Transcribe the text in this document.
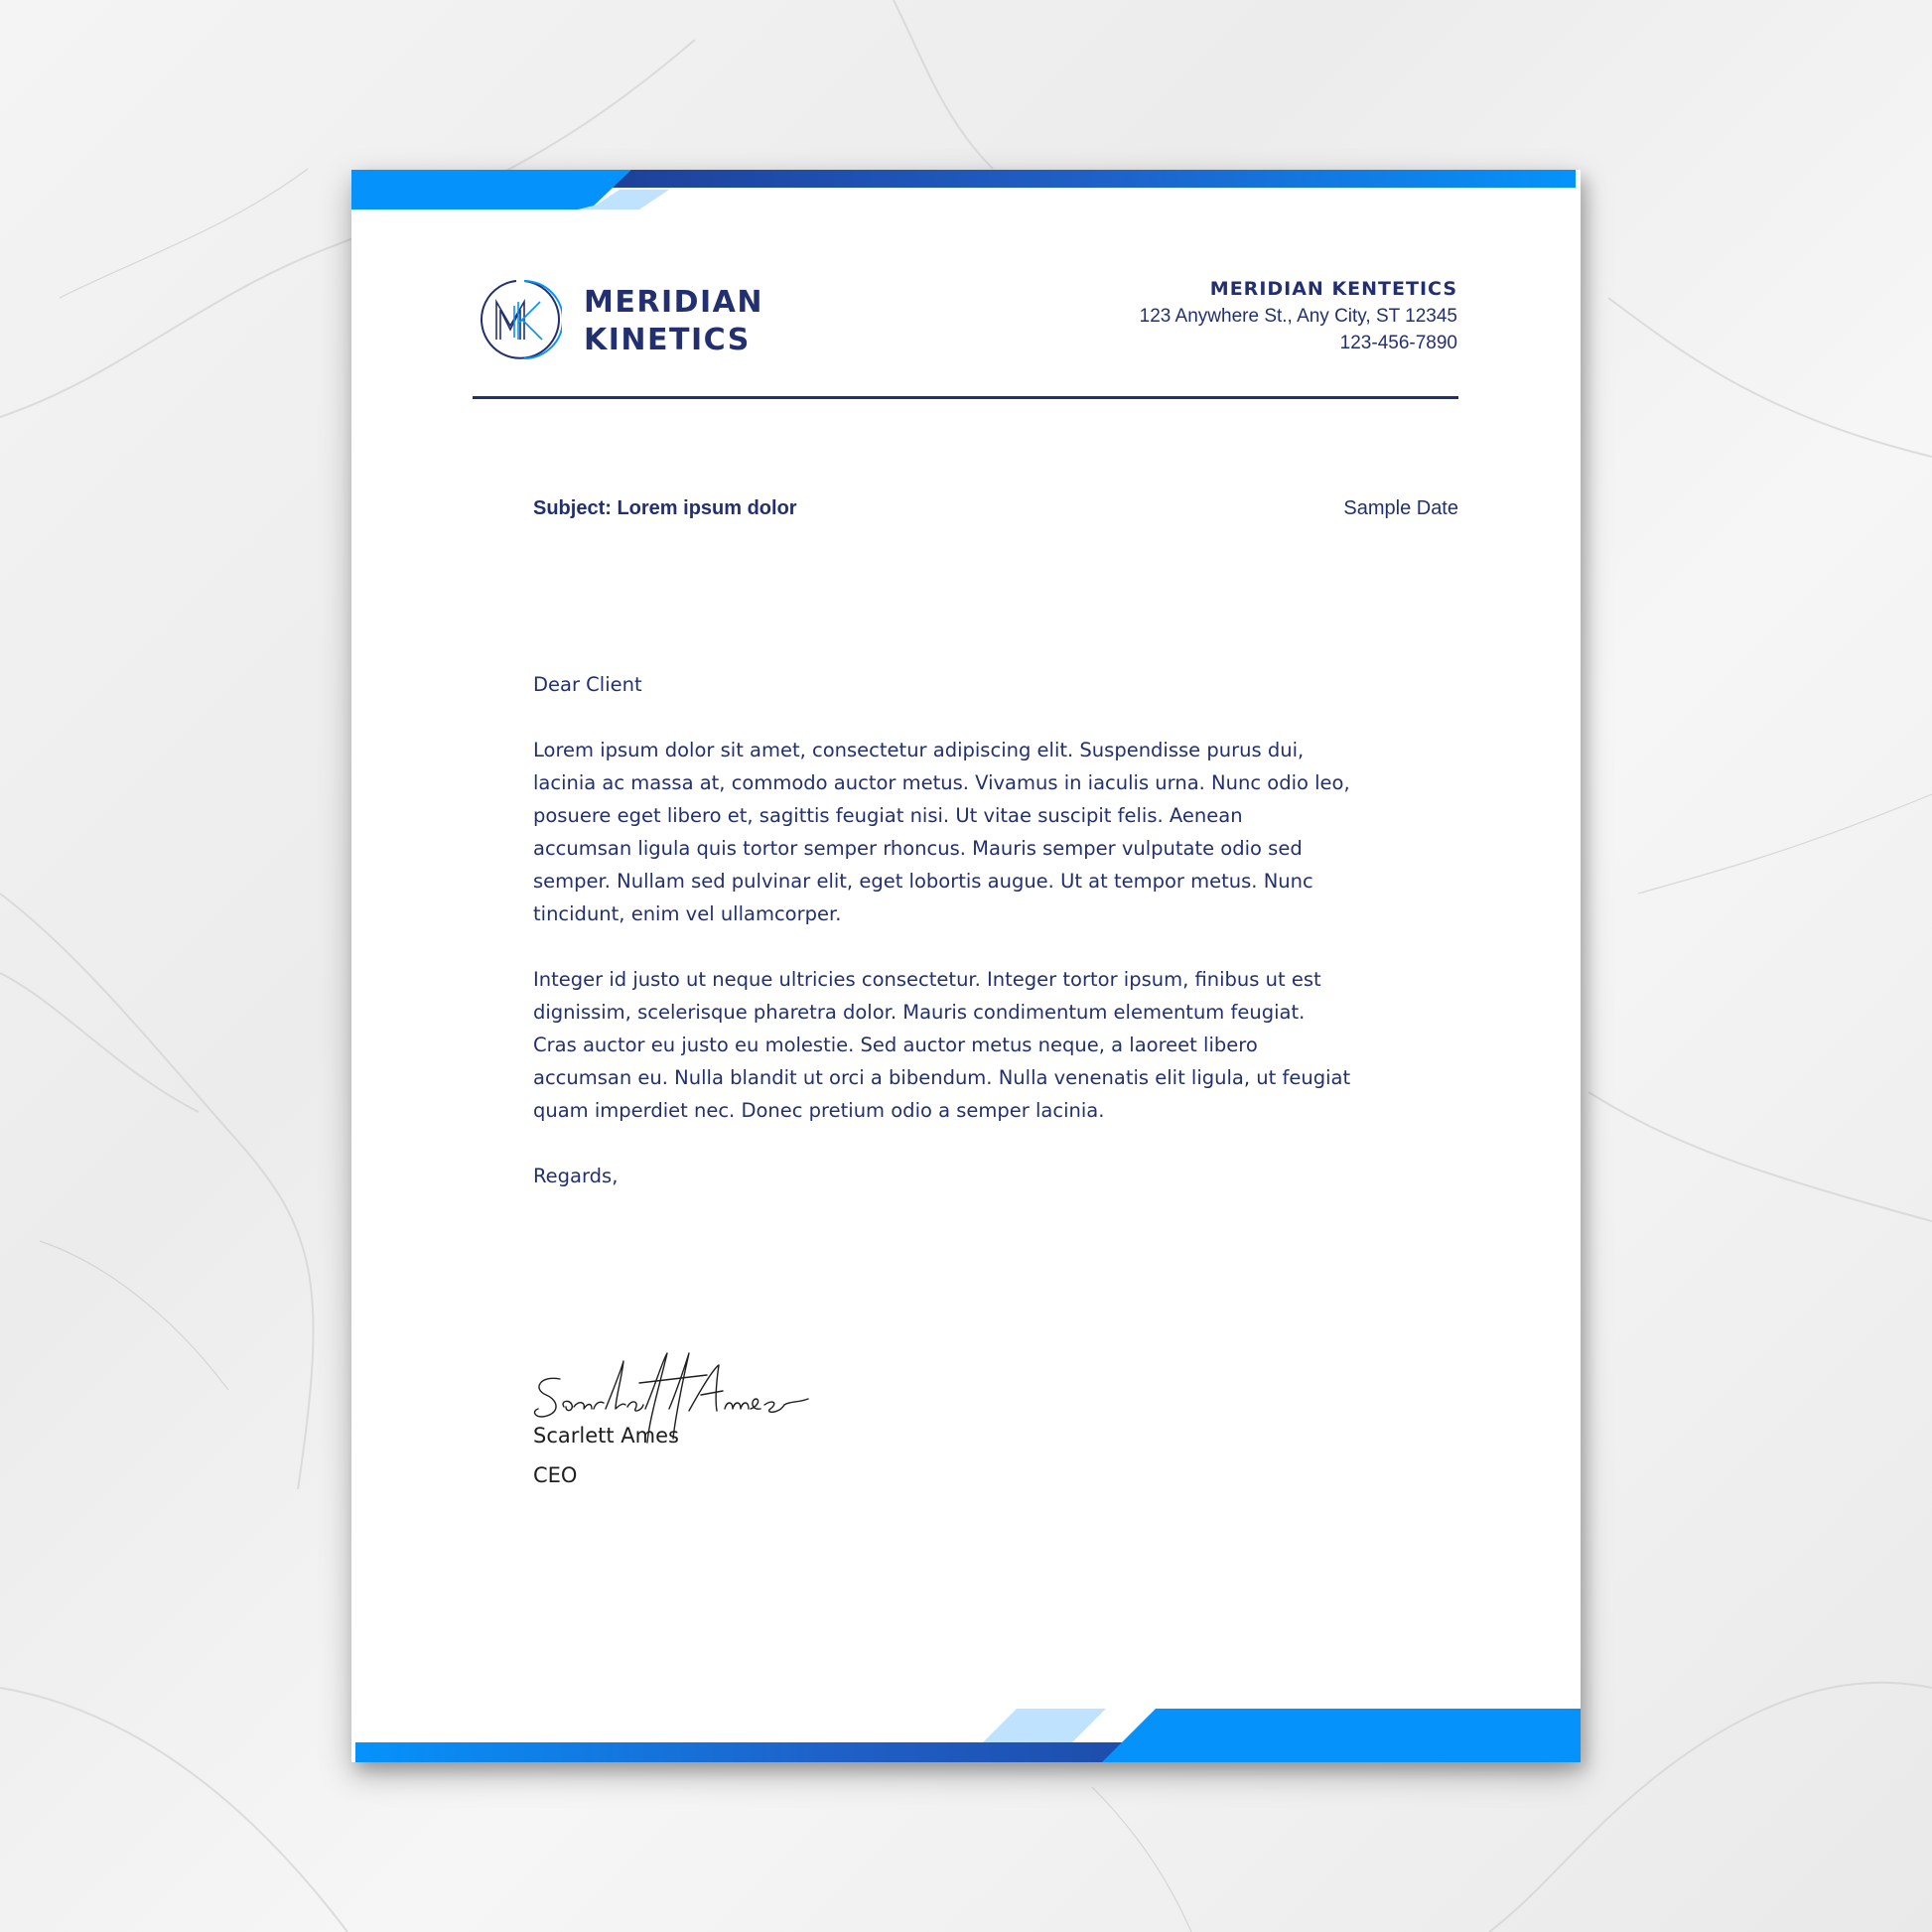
MERIDIAN
KINETICS
MERIDIAN KENTETICS
123 Anywhere St., Any City, ST 12345
123-456-7890
Subject: Lorem ipsum dolor	Sample Date

Dear Client

Lorem ipsum dolor sit amet, consectetur adipiscing elit. Suspendisse purus dui,
lacinia ac massa at, commodo auctor metus. Vivamus in iaculis urna. Nunc odio leo,
posuere eget libero et, sagittis feugiat nisi. Ut vitae suscipit felis. Aenean
accumsan ligula quis tortor semper rhoncus. Mauris semper vulputate odio sed
semper. Nullam sed pulvinar elit, eget lobortis augue. Ut at tempor metus. Nunc
tincidunt, enim vel ullamcorper.

Integer id justo ut neque ultricies consectetur. Integer tortor ipsum, finibus ut est
dignissim, scelerisque pharetra dolor. Mauris condimentum elementum feugiat.
Cras auctor eu justo eu molestie. Sed auctor metus neque, a laoreet libero
accumsan eu. Nulla blandit ut orci a bibendum. Nulla venenatis elit ligula, ut feugiat
quam imperdiet nec. Donec pretium odio a semper lacinia.

Regards,

Scarlett Ames
CEO
